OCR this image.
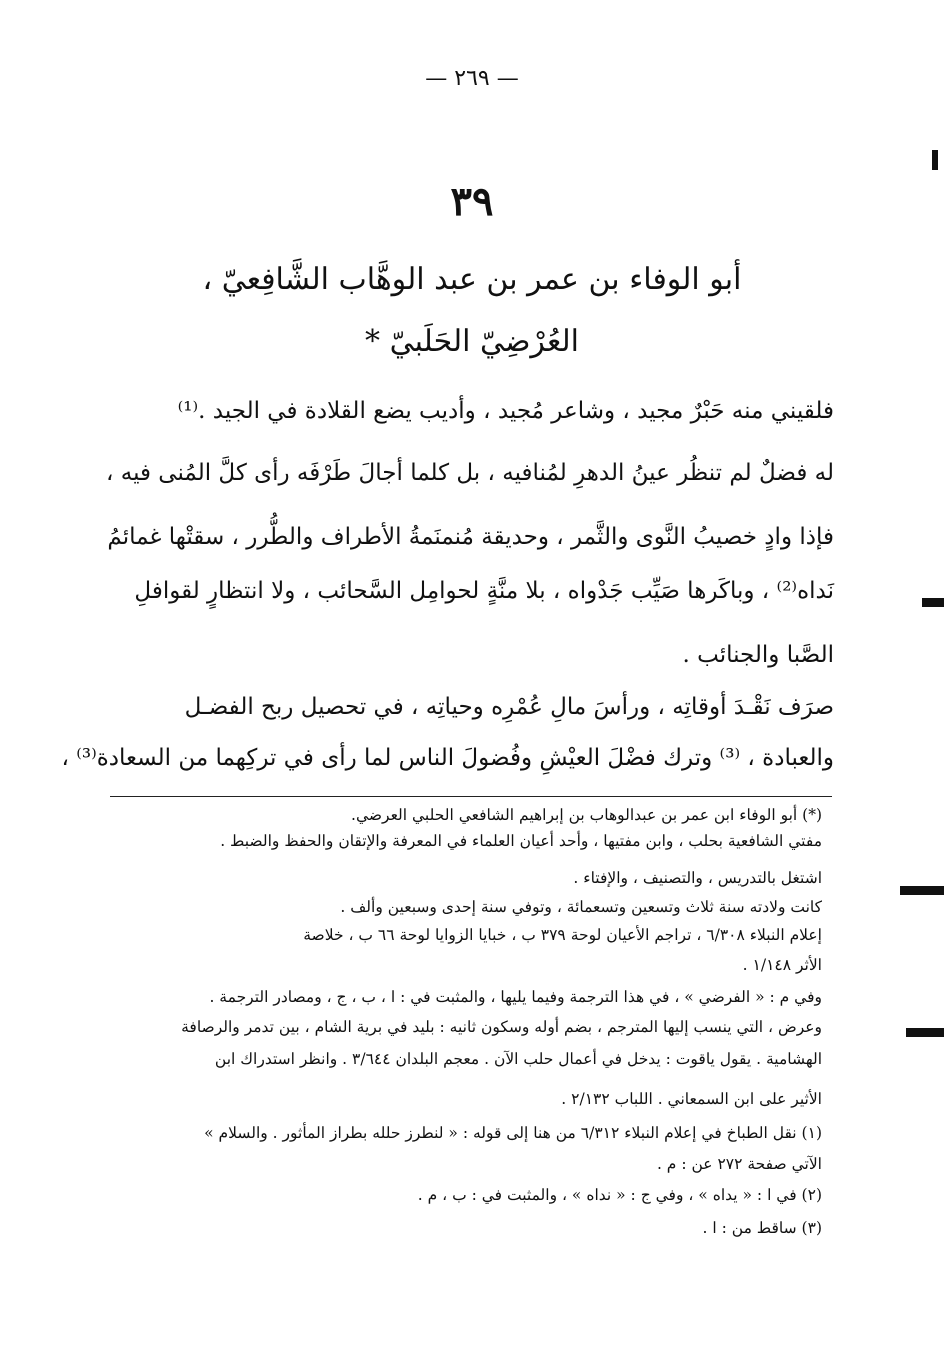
— ٢٦٩ —
٣٩
أبو الوفاء بن عمر بن عبد الوهَّاب الشَّافِعيّ ،
العُرْضِيّ الحَلَبيّ *
فلقيني منه حَبْرٌ مجيد ، وشاعر مُجيد ، وأديب يضع القلادة في الجيد .⁽¹⁾
له فضلٌ لم تنظُر عينُ الدهرِ لمُنافيه ، بل كلما أجالَ طَرْفَه رأى كلَّ المُنى فيه ،
فإذا وادٍ خصيبُ النَّوى والثَّمر ، وحديقة مُنمنَمةُ الأطراف والطُّرر ، سقتْها غمائمُ
نَداه⁽²⁾ ، وباكَرها صَيِّب جَدْواه ، بلا منَّةٍ لحوامِل السَّحائب ، ولا انتظارٍ لقوافلِ
الصَّبا والجنائب .
صرَف نَقْـدَ أوقاتِه ، ورأسَ مالِ عُمْرِه وحياتِه ، في تحصيل ربح الفضـل
والعبادة ، ⁽³⁾ وترك فضْلَ العيْشِ وفُضولَ الناس لما رأى في تركِهما من السعادة⁽³⁾ ،
(*) أبو الوفاء ابن عمر بن عبدالوهاب بن إبراهيم الشافعي الحلبي العرضي.
مفتي الشافعية بحلب ، وابن مفتيها ، وأحد أعيان العلماء في المعرفة والإتقان والحفظ والضبط .
اشتغل بالتدريس ، والتصنيف ، والإفتاء .
كانت ولادته سنة ثلاث وتسعين وتسعمائة ، وتوفي سنة إحدى وسبعين وألف .
إعلام النبلاء ٦/٣٠٨ ، تراجم الأعيان لوحة ٣٧٩ ب ، خبايا الزوايا لوحة ٦٦ ب ، خلاصة
الأثر ١/١٤٨ .
وفي م : « الفرضي » ، في هذا الترجمة وفيما يليها ، والمثبت في : ا ، ب ، ج ، ومصادر الترجمة .
وعرض ، التي ينسب إليها المترجم ، بضم أوله وسكون ثانيه : بليد في برية الشام ، بين تدمر والرصافة
الهشامية . يقول ياقوت : يدخل في أعمال حلب الآن . معجم البلدان ٣/٦٤٤ . وانظر استدراك ابن
الأثير على ابن السمعاني . اللباب ٢/١٣٢ .
(١) نقل الطباخ في إعلام النبلاء ٦/٣١٢ من هنا إلى قوله : « لنطرز حلله بطراز المأثور . والسلام »
الآتي صفحة ٢٧٢ عن : م .
(٢) في ا : « يداه » ، وفي ج : « نداه » ، والمثبت في : ب ، م .
(٣) ساقط من : ا .
